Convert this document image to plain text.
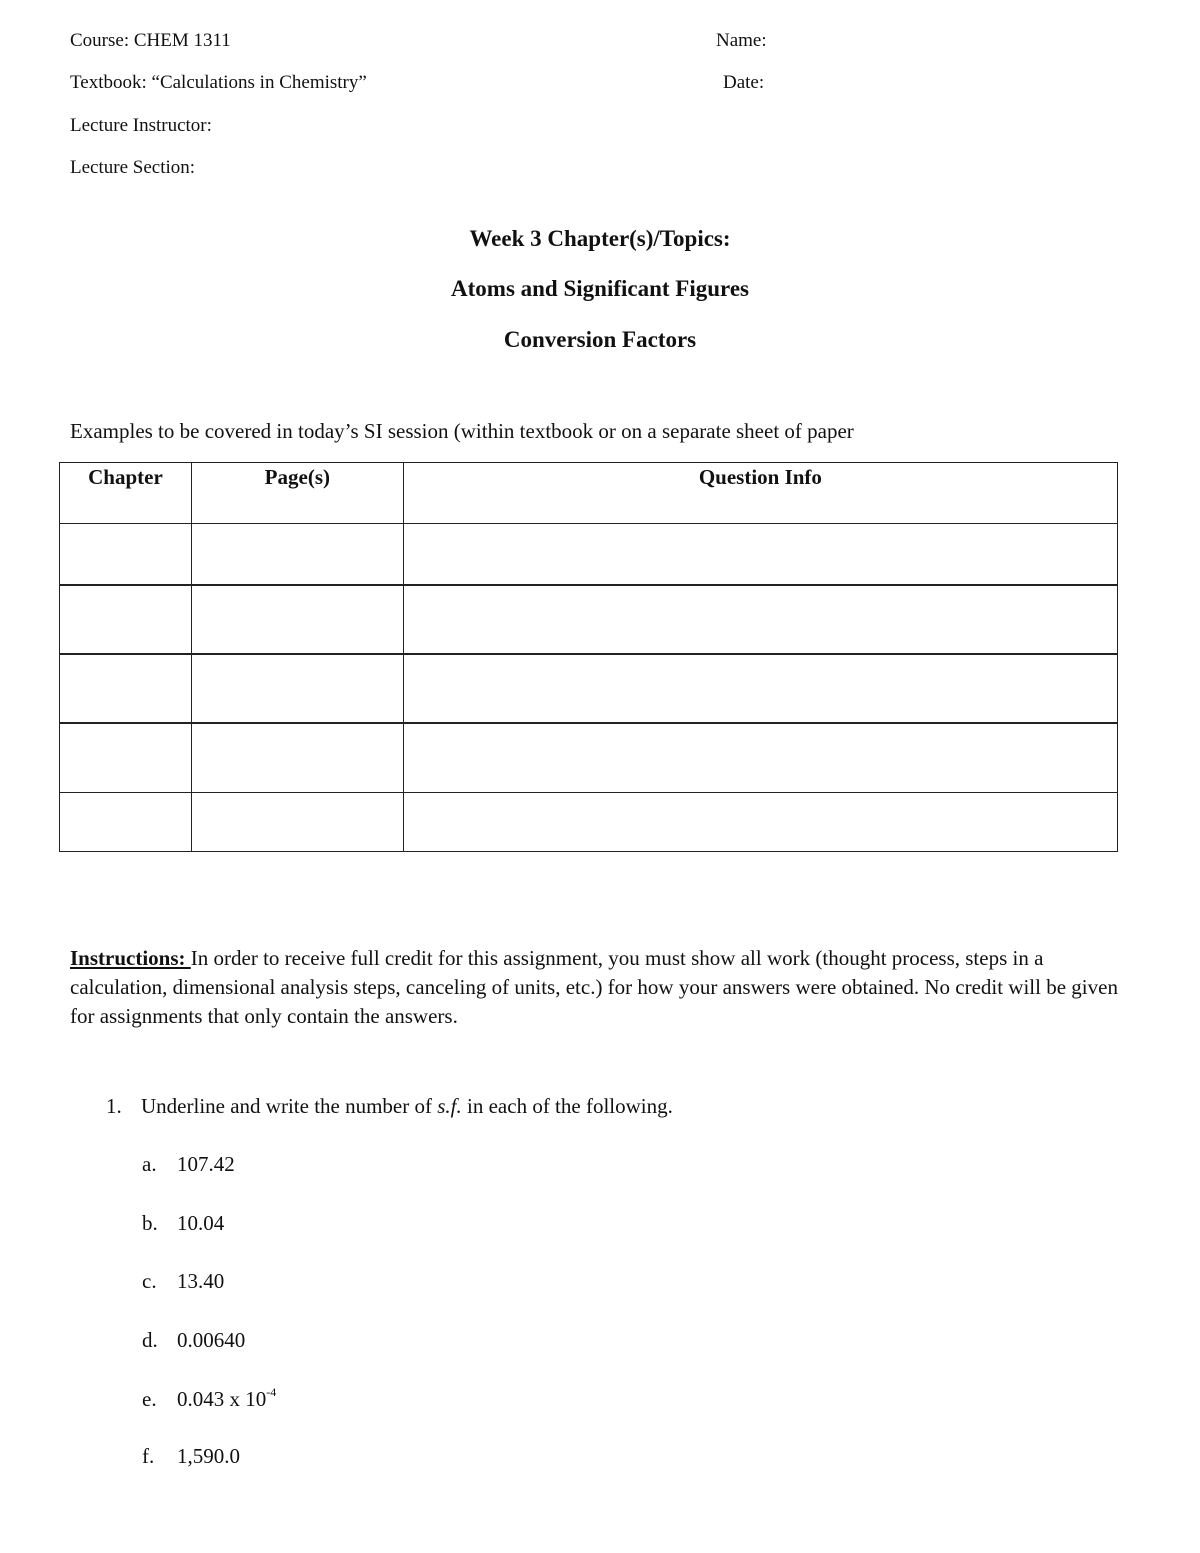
Course: CHEM 1311
Textbook: “Calculations in Chemistry”
Lecture Instructor:
Lecture Section:
Name:
Date:
Week 3 Chapter(s)/Topics:
Atoms and Significant Figures
Conversion Factors
Examples to be covered in today’s SI session (within textbook or on a separate sheet of paper
Chapter	Page(s)	Question Info

Instructions: In order to receive full credit for this assignment, you must show all work (thought process, steps in a calculation, dimensional analysis steps, canceling of units, etc.) for how your answers were obtained. No credit will be given for assignments that only contain the answers.
1. Underline and write the number of s.f. in each of the following.
a. 107.42
b. 10.04
c. 13.40
d. 0.00640
e. 0.043 x $10^{-4}$
f. 1,590.0
